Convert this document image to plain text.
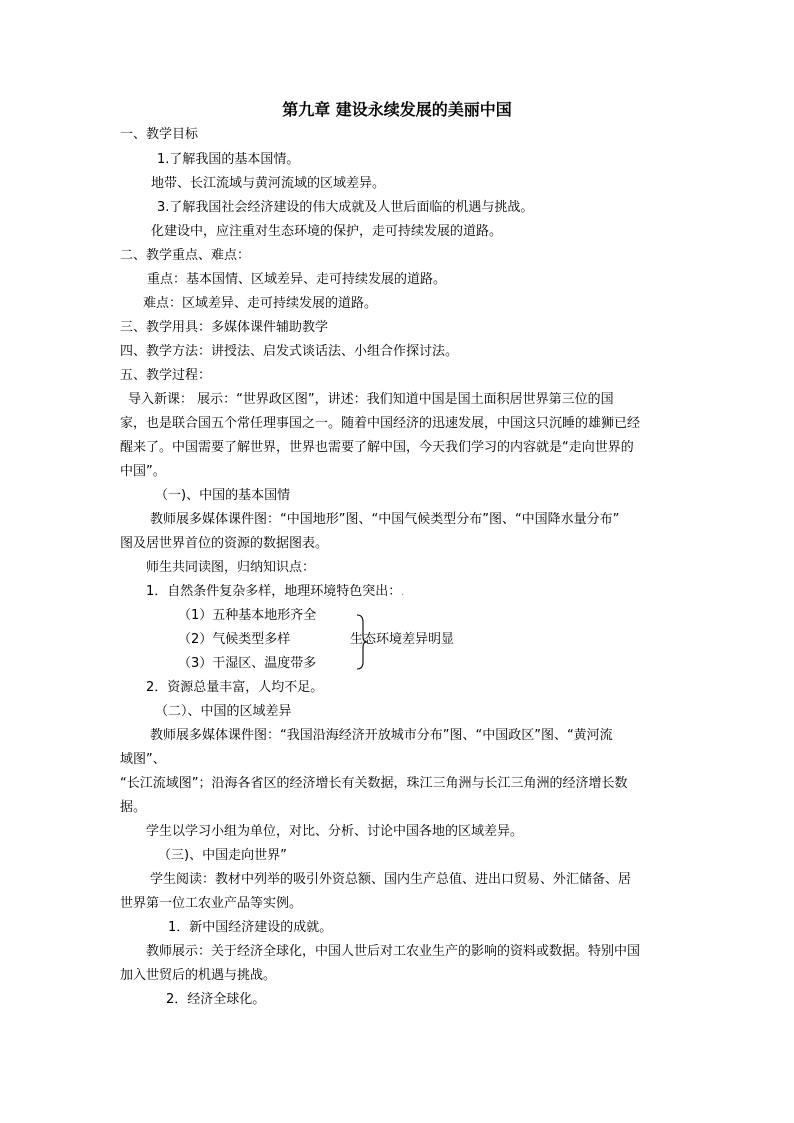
第九章 建设永续发展的美丽中国
一、教学目标
1.了解我国的基本国情。
地带、长江流域与黄河流域的区域差异。
3.了解我国社会经济建设的伟大成就及人世后面临的机遇与挑战。
化建设中，应注重对生态环境的保护，走可持续发展的道路。
二、教学重点、难点：
重点：基本国情、区域差异、走可持续发展的道路。
难点：区域差异、走可持续发展的道路。
三、教学用具：多媒体课件辅助教学
四、教学方法：讲授法、启发式谈话法、小组合作探讨法。
五、教学过程：
导入新课： 展示：“世界政区图”，讲述：我们知道中国是国土面积居世界第三位的国
家，也是联合国五个常任理事国之一。随着中国经济的迅速发展，中国这只沉睡的雄狮已经
醒来了。中国需要了解世界，世界也需要了解中国，今天我们学习的内容就是“走向世界的
中国”。
（一)、中国的基本国情
教师展多媒体课件图：“中国地形”图、“中国气候类型分布”图、“中国降水量分布”
图及居世界首位的资源的数据图表。
师生共同读图，归纳知识点：
1．自然条件复杂多样，地理环境特色突出：.
（1）五种基本地形齐全
（2）气候类型多样	生态环境差异明显
（3）干湿区、温度带多
2．资源总量丰富，人均不足。
（二）、中国的区域差异
教师展多媒体课件图：“我国沿海经济开放城市分布”图、“中国政区”图、“黄河流
域图”、
“长江流域图”；沿海各省区的经济增长有关数据，珠江三角洲与长江三角洲的经济增长数
据。
学生以学习小组为单位，对比、分析、讨论中国各地的区域差异。
（三)、中国走向世界”
学生阅读：教材中列举的吸引外资总额、国内生产总值、进出口贸易、外汇储备、居
世界第一位工农业产品等实例。
1．新中国经济建设的成就。
教师展示：关于经济全球化，中国人世后对工农业生产的影响的资料或数据。特别中国
加入世贸后的机遇与挑战。
2．经济全球化。
